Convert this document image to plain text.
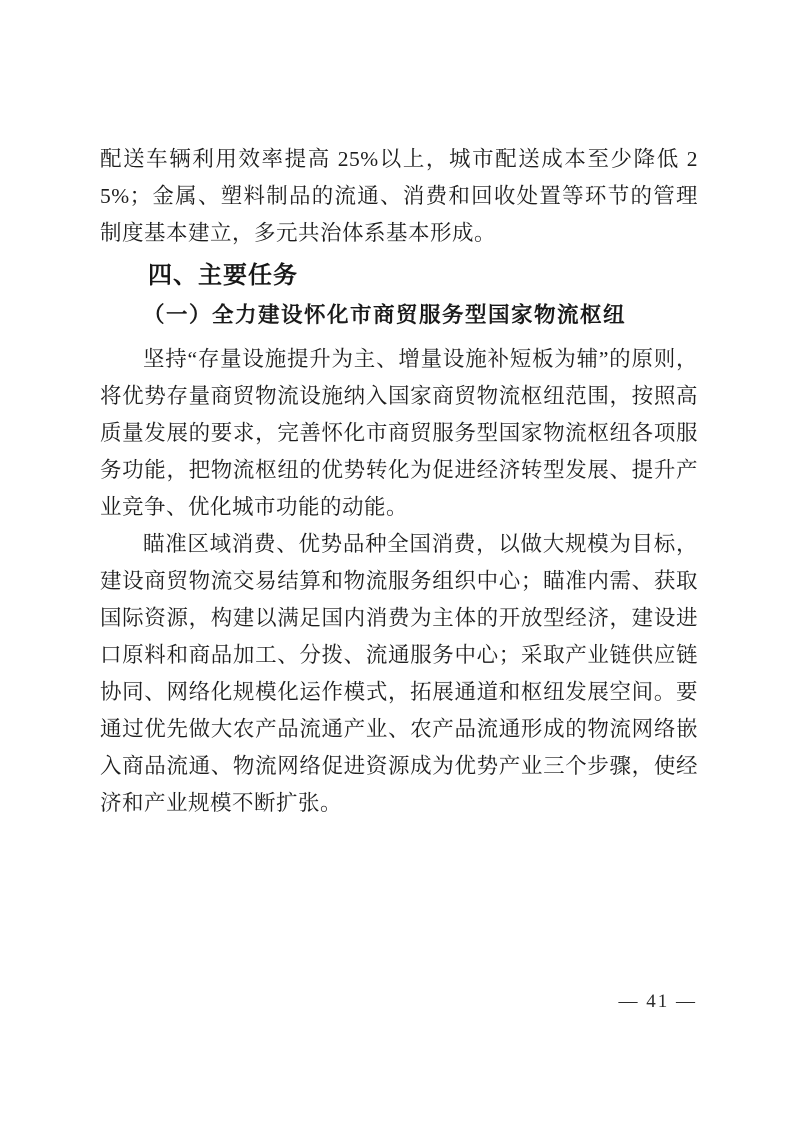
配送车辆利用效率提高 25%以上，城市配送成本至少降低 25%；金属、塑料制品的流通、消费和回收处置等环节的管理制度基本建立，多元共治体系基本形成。

四、主要任务
（一）全力建设怀化市商贸服务型国家物流枢纽

坚持“存量设施提升为主、增量设施补短板为辅”的原则，将优势存量商贸物流设施纳入国家商贸物流枢纽范围，按照高质量发展的要求，完善怀化市商贸服务型国家物流枢纽各项服务功能，把物流枢纽的优势转化为促进经济转型发展、提升产业竞争、优化城市功能的动能。

瞄准区域消费、优势品种全国消费，以做大规模为目标，建设商贸物流交易结算和物流服务组织中心；瞄准内需、获取国际资源，构建以满足国内消费为主体的开放型经济，建设进口原料和商品加工、分拨、流通服务中心；采取产业链供应链协同、网络化规模化运作模式，拓展通道和枢纽发展空间。要通过优先做大农产品流通产业、农产品流通形成的物流网络嵌入商品流通、物流网络促进资源成为优势产业三个步骤，使经济和产业规模不断扩张。

— 41 —
